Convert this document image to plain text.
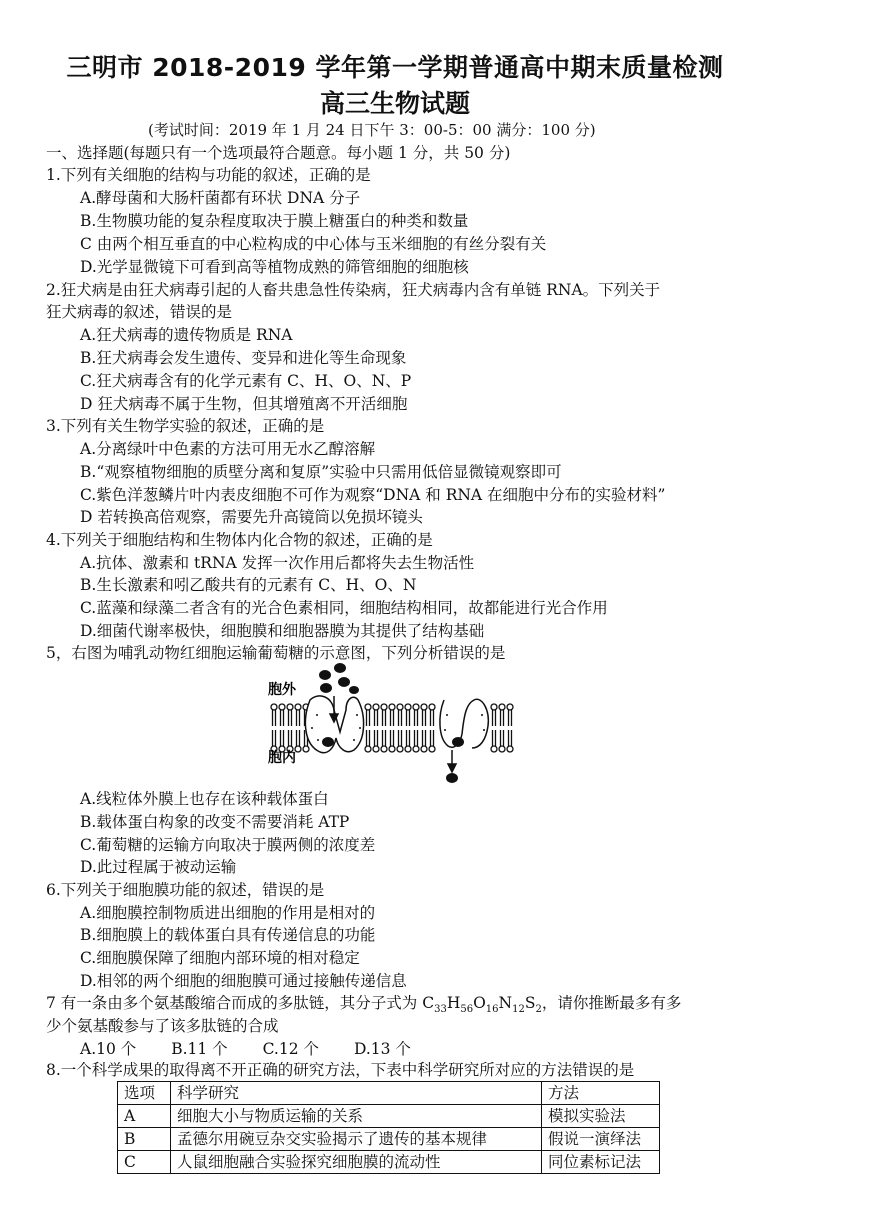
三明市 2018-2019 学年第一学期普通高中期末质量检测
高三生物试题
(考试时间：2019 年 1 月 24 日下午 3：00-5：00 满分：100 分)
一、选择题(每题只有一个选项最符合题意。每小题 1 分，共 50 分)
1.下列有关细胞的结构与功能的叙述，正确的是
A.酵母菌和大肠杆菌都有环状 DNA 分子
B.生物膜功能的复杂程度取决于膜上糖蛋白的种类和数量
C 由两个相互垂直的中心粒构成的中心体与玉米细胞的有丝分裂有关
D.光学显微镜下可看到高等植物成熟的筛管细胞的细胞核
2.狂犬病是由狂犬病毒引起的人畜共患急性传染病，狂犬病毒内含有单链 RNA。下列关于
狂犬病毒的叙述，错误的是
A.狂犬病毒的遗传物质是 RNA
B.狂犬病毒会发生遗传、变异和进化等生命现象
C.狂犬病毒含有的化学元素有 C、H、O、N、P
D 狂犬病毒不属于生物，但其增殖离不开活细胞
3.下列有关生物学实验的叙述，正确的是
A.分离绿叶中色素的方法可用无水乙醇溶解
B.“观察植物细胞的质壁分离和复原”实验中只需用低倍显微镜观察即可
C.紫色洋葱鳞片叶内表皮细胞不可作为观察“DNA 和 RNA 在细胞中分布的实验材料”
D 若转换高倍观察，需要先升高镜筒以免损坏镜头
4.下列关于细胞结构和生物体内化合物的叙述，正确的是
A.抗体、激素和 tRNA 发挥一次作用后都将失去生物活性
B.生长激素和吲乙酸共有的元素有 C、H、O、N
C.蓝藻和绿藻二者含有的光合色素相同，细胞结构相同，故都能进行光合作用
D.细菌代谢率极快，细胞膜和细胞器膜为其提供了结构基础
5，右图为哺乳动物红细胞运输葡萄糖的示意图，下列分析错误的是
胞外
胞内
A.线粒体外膜上也存在该种载体蛋白
B.载体蛋白构象的改变不需要消耗 ATP
C.葡萄糖的运输方向取决于膜两侧的浓度差
D.此过程属于被动运输
6.下列关于细胞膜功能的叙述，错误的是
A.细胞膜控制物质进出细胞的作用是相对的
B.细胞膜上的载体蛋白具有传递信息的功能
C.细胞膜保障了细胞内部环境的相对稳定
D.相邻的两个细胞的细胞膜可通过接触传递信息
7 有一条由多个氨基酸缩合而成的多肽链，其分子式为 $C_{33}H_{56}O_{16}N_{12}S_2$，请你推断最多有多
少个氨基酸参与了该多肽链的合成
A.10 个 B.11 个 C.12 个 D.13 个
8.一个科学成果的取得离不开正确的研究方法，下表中科学研究所对应的方法错误的是
选项	科学研究	方法
A	细胞大小与物质运输的关系	模拟实验法
B	孟德尔用碗豆杂交实验揭示了遗传的基本规律	假说一演绎法
C	人鼠细胞融合实验探究细胞膜的流动性	同位素标记法
